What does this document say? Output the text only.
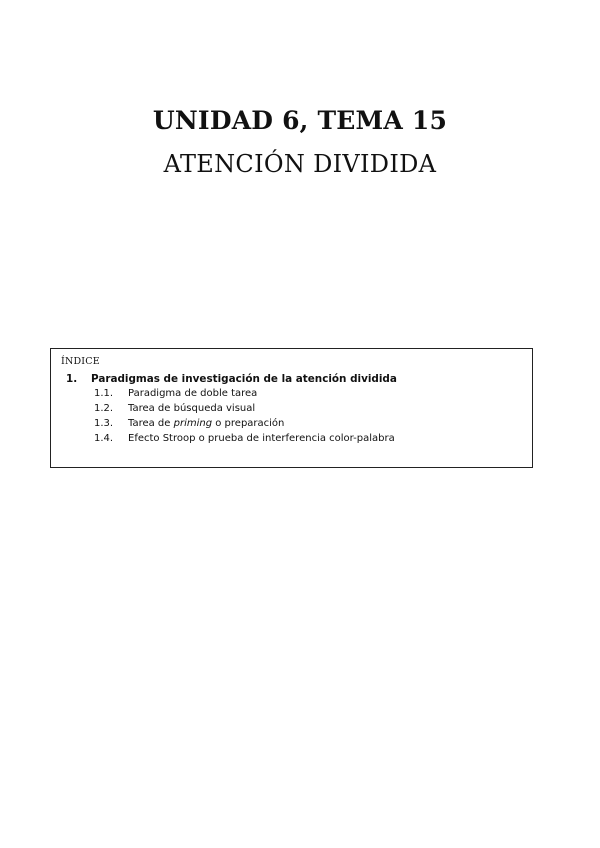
UNIDAD 6, TEMA 15
ATENCIÓN DIVIDIDA
ÍNDICE
1. Paradigmas de investigación de la atención dividida
1.1. Paradigma de doble tarea
1.2. Tarea de búsqueda visual
1.3. Tarea de priming o preparación
1.4. Efecto Stroop o prueba de interferencia color-palabra
